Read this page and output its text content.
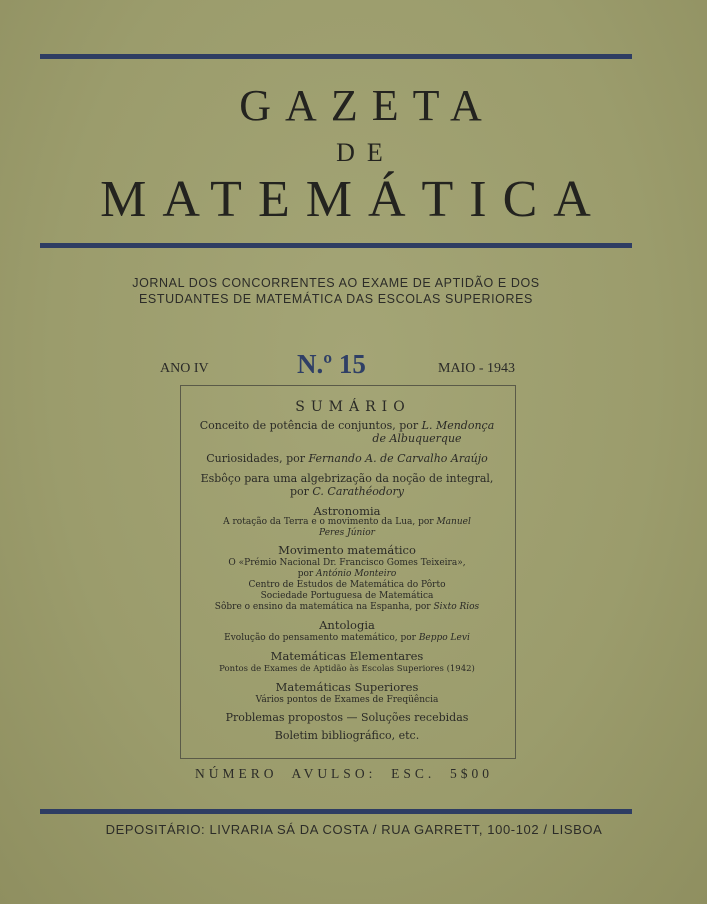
GAZETA
DE
MATEMÁTICA
JORNAL DOS CONCORRENTES AO EXAME DE APTIDÃO E DOS
ESTUDANTES DE MATEMÁTICA DAS ESCOLAS SUPERIORES
ANO IV	N.º 15	MAIO - 1943
SUMÁRIO
Conceito de potência de conjuntos, por L. Mendonça
de Albuquerque
Curiosidades, por Fernando A. de Carvalho Araújo
Esbôço para uma algebrização da noção de integral,
por C. Carathéodory
Astronomia
A rotação da Terra e o movimento da Lua, por Manuel
Peres Júnior
Movimento matemático
O «Prémio Nacional Dr. Francisco Gomes Teixeira»,
por António Monteiro
Centro de Estudos de Matemática do Pôrto
Sociedade Portuguesa de Matemática
Sôbre o ensino da matemática na Espanha, por Sixto Rios
Antologia
Evolução do pensamento matemático, por Beppo Levi
Matemáticas Elementares
Pontos de Exames de Aptidão às Escolas Superiores (1942)
Matemáticas Superiores
Vários pontos de Exames de Freqüência
Problemas propostos — Soluções recebidas
Boletim bibliográfico, etc.
NÚMERO  AVULSO:  ESC.  5$00
DEPOSITÁRIO: LIVRARIA SÁ DA COSTA / RUA GARRETT, 100-102 / LISBOA
